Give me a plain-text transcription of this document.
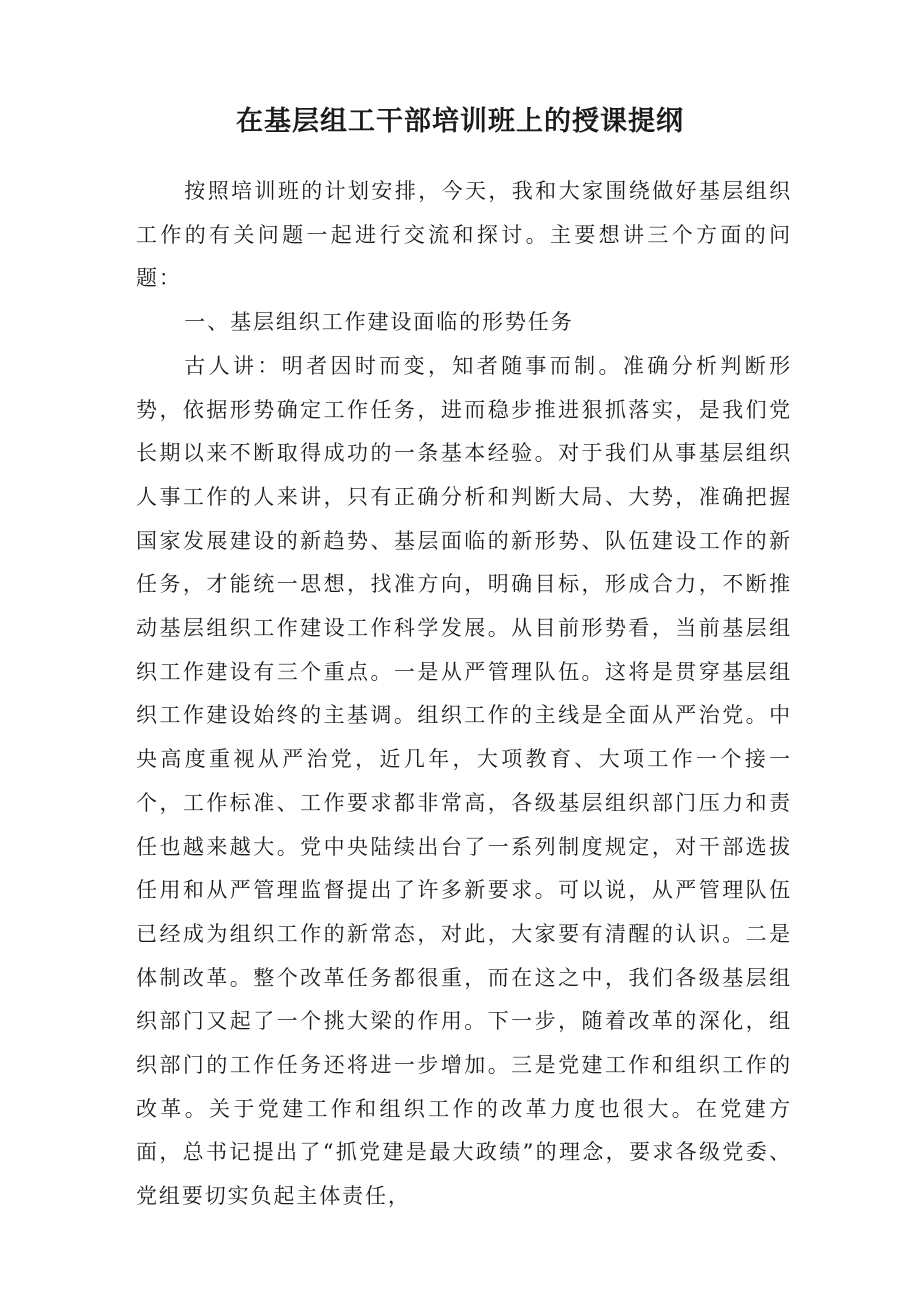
在基层组工干部培训班上的授课提纲

按照培训班的计划安排，今天，我和大家围绕做好基层组织工作的有关问题一起进行交流和探讨。主要想讲三个方面的问题：

一、基层组织工作建设面临的形势任务

古人讲：明者因时而变，知者随事而制。准确分析判断形势，依据形势确定工作任务，进而稳步推进狠抓落实，是我们党长期以来不断取得成功的一条基本经验。对于我们从事基层组织人事工作的人来讲，只有正确分析和判断大局、大势，准确把握国家发展建设的新趋势、基层面临的新形势、队伍建设工作的新任务，才能统一思想，找准方向，明确目标，形成合力，不断推动基层组织工作建设工作科学发展。从目前形势看，当前基层组织工作建设有三个重点。一是从严管理队伍。这将是贯穿基层组织工作建设始终的主基调。组织工作的主线是全面从严治党。中央高度重视从严治党，近几年，大项教育、大项工作一个接一个，工作标准、工作要求都非常高，各级基层组织部门压力和责任也越来越大。党中央陆续出台了一系列制度规定，对干部选拔任用和从严管理监督提出了许多新要求。可以说，从严管理队伍已经成为组织工作的新常态，对此，大家要有清醒的认识。二是体制改革。整个改革任务都很重，而在这之中，我们各级基层组织部门又起了一个挑大梁的作用。下一步，随着改革的深化，组织部门的工作任务还将进一步增加。三是党建工作和组织工作的改革。关于党建工作和组织工作的改革力度也很大。在党建方面，总书记提出了“抓党建是最大政绩”的理念，要求各级党委、党组要切实负起主体责任，
